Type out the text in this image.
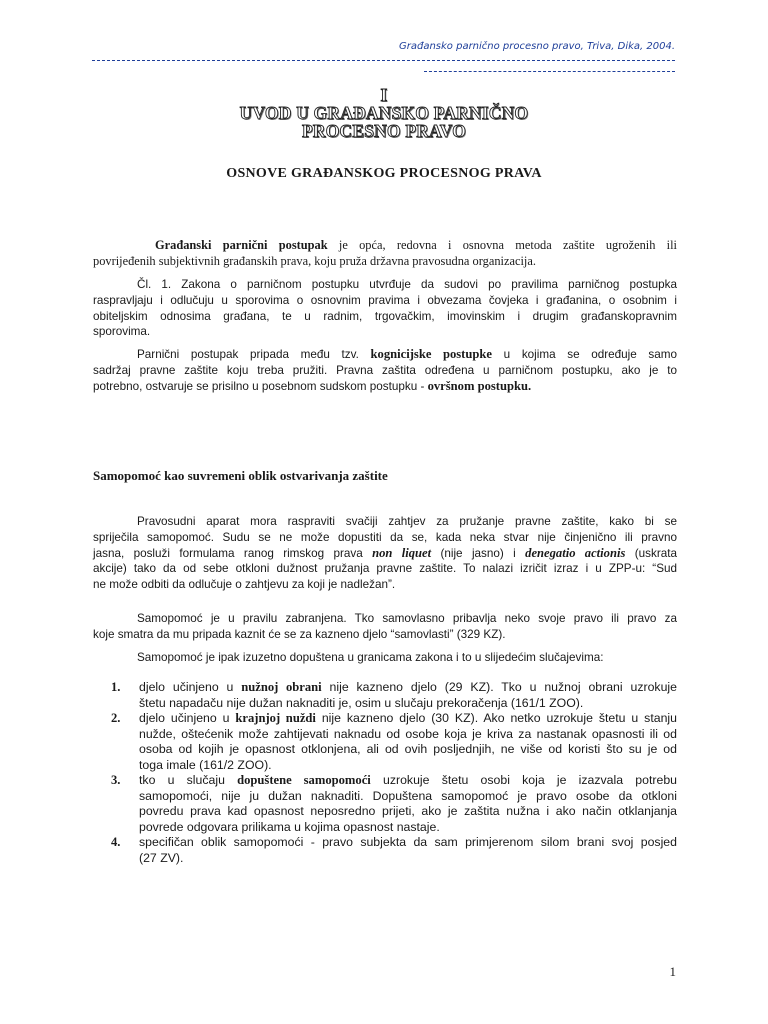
Građansko parnično procesno pravo, Triva, Dika, 2004.
I
UVOD U GRAĐANSKO PARNIČNO
PROCESNO PRAVO
OSNOVE GRAĐANSKOG PROCESNOG PRAVA
Građanski parnični postupak je opća, redovna i osnovna metoda zaštite ugroženih ili
povrijeđenih subjektivnih građanskih prava, koju pruža državna pravosudna organizacija.
Čl. 1. Zakona o parničnom postupku utvrđuje da sudovi po pravilima parničnog postupka
raspravljaju i odlučuju u sporovima o osnovnim pravima i obvezama čovjeka i građanina, o osobnim i
obiteljskim odnosima građana, te u radnim, trgovačkim, imovinskim i drugim građanskopravnim
sporovima.
Parnični postupak pripada među tzv. kognicijske postupke u kojima se određuje samo
sadržaj pravne zaštite koju treba pružiti. Pravna zaštita određena u parničnom postupku, ako je to
potrebno, ostvaruje se prisilno u posebnom sudskom postupku - ovršnom postupku.
Samopomoć kao suvremeni oblik ostvarivanja zaštite
Pravosudni aparat mora raspraviti svačiji zahtjev za pružanje pravne zaštite, kako bi se
spriječila samopomoć. Sudu se ne može dopustiti da se, kada neka stvar nije činjenično ili pravno
jasna, posluži formulama ranog rimskog prava non liquet (nije jasno) i denegatio actionis (uskrata
akcije) tako da od sebe otkloni dužnost pružanja pravne zaštite. To nalazi izričit izraz i u ZPP-u: “Sud
ne može odbiti da odlučuje o zahtjevu za koji je nadležan”.
Samopomoć je u pravilu zabranjena. Tko samovlasno pribavlja neko svoje pravo ili pravo za
koje smatra da mu pripada kaznit će se za kazneno djelo “samovlasti” (329 KZ).
Samopomoć je ipak izuzetno dopuštena u granicama zakona i to u slijedećim slučajevima:
1. djelo učinjeno u nužnoj obrani nije kazneno djelo (29 KZ). Tko u nužnoj obrani uzrokuje
štetu napadaču nije dužan naknaditi je, osim u slučaju prekoračenja (161/1 ZOO).
2. djelo učinjeno u krajnjoj nuždi nije kazneno djelo (30 KZ). Ako netko uzrokuje štetu u stanju
nužde, oštećenik može zahtijevati naknadu od osobe koja je kriva za nastanak opasnosti ili od
osoba od kojih je opasnost otklonjena, ali od ovih posljednjih, ne više od koristi što su je od
toga imale (161/2 ZOO).
3. tko u slučaju dopuštene samopomoći uzrokuje štetu osobi koja je izazvala potrebu
samopomoći, nije ju dužan naknaditi. Dopuštena samopomoć je pravo osobe da otkloni
povredu prava kad opasnost neposredno prijeti, ako je zaštita nužna i ako način otklanjanja
povrede odgovara prilikama u kojima opasnost nastaje.
4. specifičan oblik samopomoći - pravo subjekta da sam primjerenom silom brani svoj posjed
(27 ZV).
1
